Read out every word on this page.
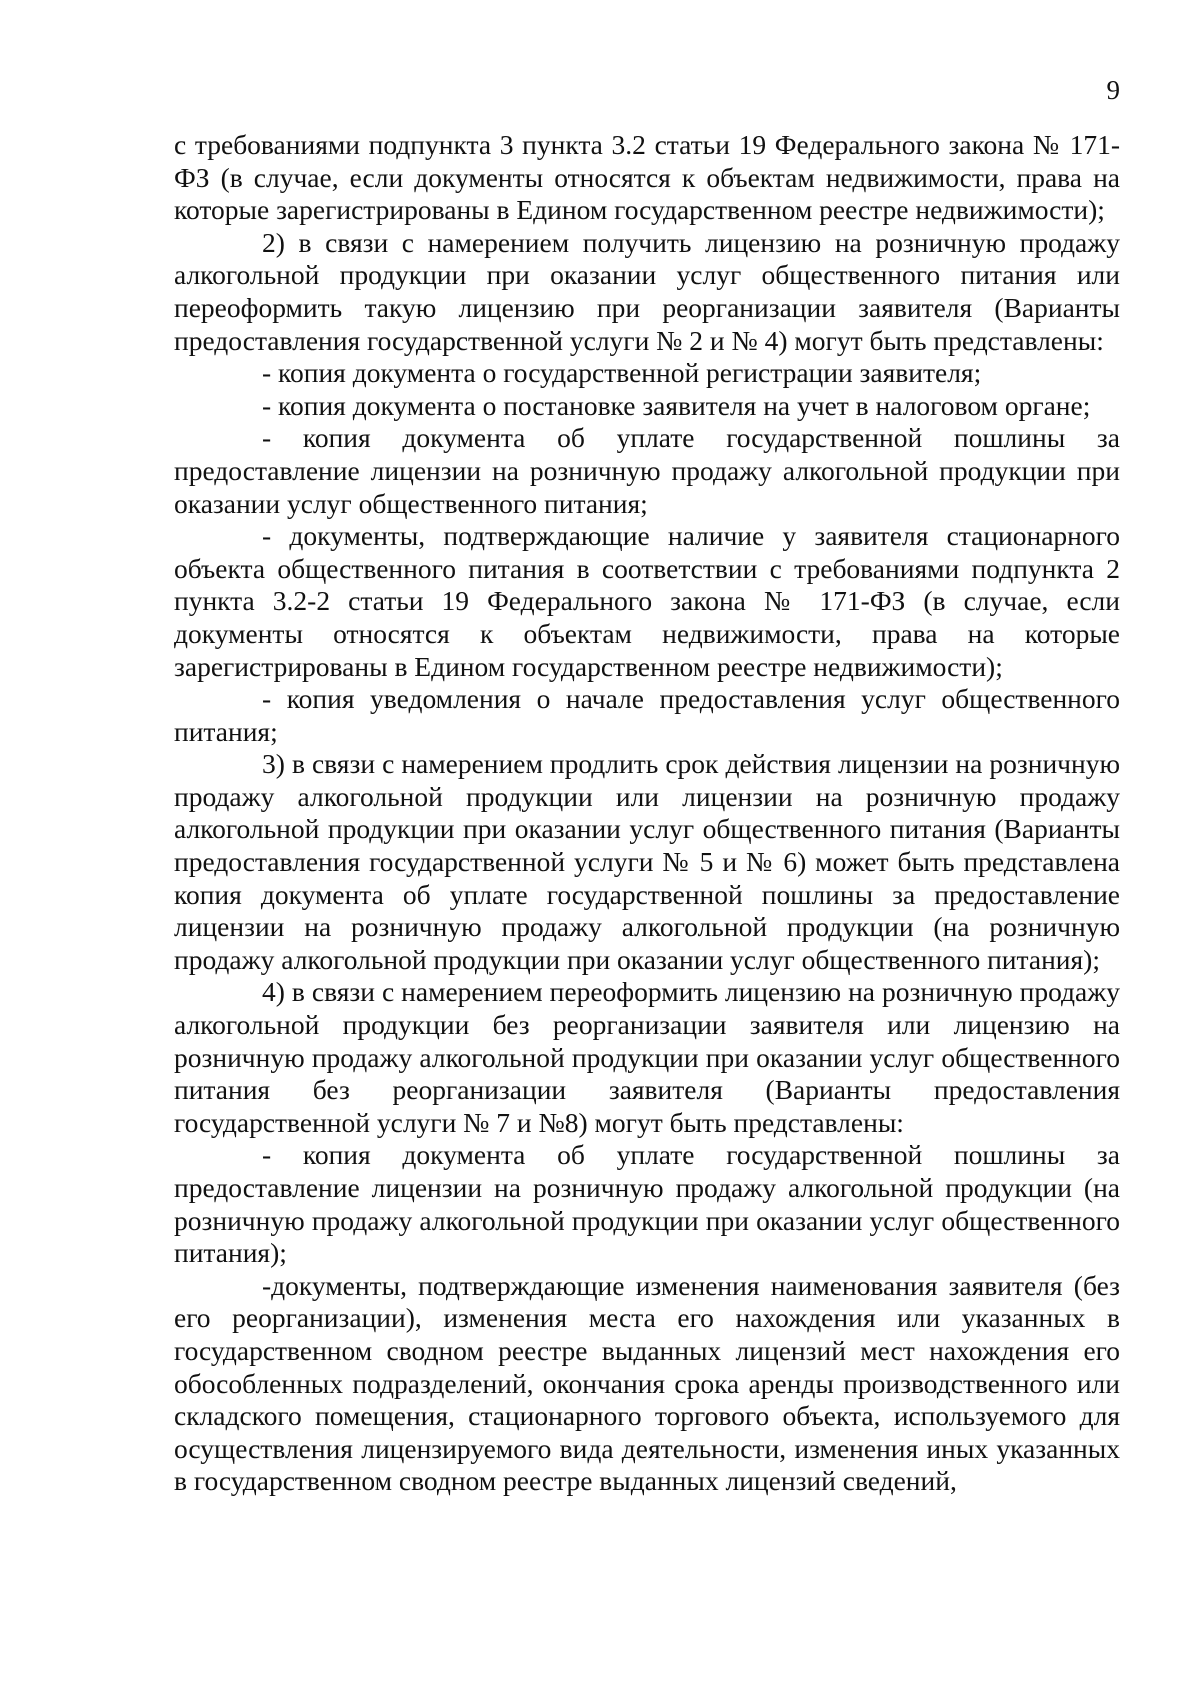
9

с требованиями подпункта 3 пункта 3.2 статьи 19 Федерального закона № 171-ФЗ (в случае, если документы относятся к объектам недвижимости, права на которые зарегистрированы в Едином государственном реестре недвижимости);

2) в связи с намерением получить лицензию на розничную продажу алкогольной продукции при оказании услуг общественного питания или переоформить такую лицензию при реорганизации заявителя (Варианты предоставления государственной услуги № 2 и № 4) могут быть представлены:

- копия документа о государственной регистрации заявителя;

- копия документа о постановке заявителя на учет в налоговом органе;

- копия документа об уплате государственной пошлины за предоставление лицензии на розничную продажу алкогольной продукции при оказании услуг общественного питания;

- документы, подтверждающие наличие у заявителя стационарного объекта общественного питания в соответствии с требованиями подпункта 2 пункта 3.2-2 статьи 19 Федерального закона № 171-ФЗ (в случае, если документы относятся к объектам недвижимости, права на которые зарегистрированы в Едином государственном реестре недвижимости);

- копия уведомления о начале предоставления услуг общественного питания;

3) в связи с намерением продлить срок действия лицензии на розничную продажу алкогольной продукции или лицензии на розничную продажу алкогольной продукции при оказании услуг общественного питания (Варианты предоставления государственной услуги № 5 и № 6) может быть представлена копия документа об уплате государственной пошлины за предоставление лицензии на розничную продажу алкогольной продукции (на розничную продажу алкогольной продукции при оказании услуг общественного питания);

4) в связи с намерением переоформить лицензию на розничную продажу алкогольной продукции без реорганизации заявителя или лицензию на розничную продажу алкогольной продукции при оказании услуг общественного питания без реорганизации заявителя (Варианты предоставления государственной услуги № 7 и №8) могут быть представлены:

- копия документа об уплате государственной пошлины за предоставление лицензии на розничную продажу алкогольной продукции (на розничную продажу алкогольной продукции при оказании услуг общественного питания);

-документы, подтверждающие изменения наименования заявителя (без его реорганизации), изменения места его нахождения или указанных в государственном сводном реестре выданных лицензий мест нахождения его обособленных подразделений, окончания срока аренды производственного или складского помещения, стационарного торгового объекта, используемого для осуществления лицензируемого вида деятельности, изменения иных указанных в государственном сводном реестре выданных лицензий сведений,
